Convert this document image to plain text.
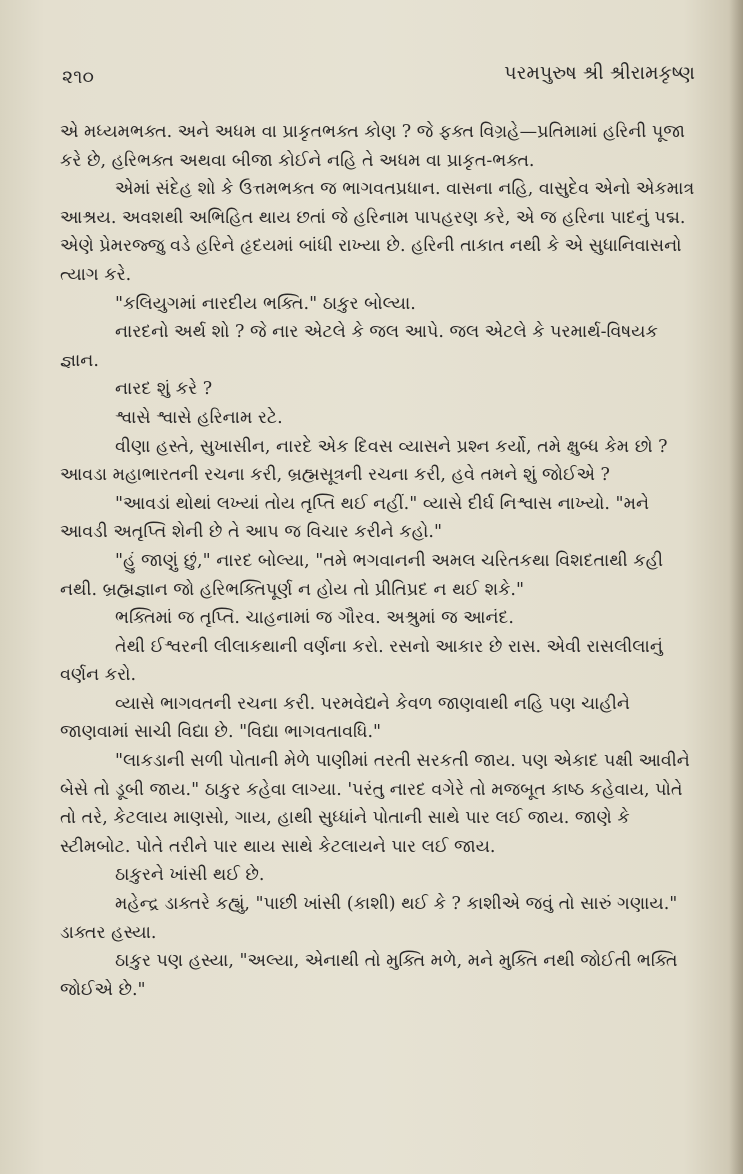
૨૧૦	પરમપુરુષ શ્રી શ્રીરામકૃષ્ણ

એ મધ્યમભક્ત. અને અધમ વા પ્રાકૃતભક્ત કોણ ? જે ફક્ત વિગ્રહે—પ્રતિમામાં હરિની પૂજા કરે છે, હરિભક્ત અથવા બીજા કોઈને નહિ તે અધમ વા પ્રાકૃત-ભક્ત.

એમાં સંદેહ શો કે ઉત્તમભક્ત જ ભાગવતપ્રધાન. વાસના નહિ, વાસુદેવ એનો એકમાત્ર આશ્રય. અવશથી અભિહિત થાય છતાં જે હરિનામ પાપહરણ કરે, એ જ હરિના પાદનું પદ્મ. એણે પ્રેમરજ્જુ વડે હરિને હૃદયમાં બાંધી રાખ્યા છે. હરિની તાકાત નથી કે એ સુધાનિવાસનો ત્યાગ કરે.

"કલિયુગમાં નારદીય ભક્તિ." ઠાકુર બોલ્યા.

નારદનો અર્થ શો ? જે નાર એટલે કે જલ આપે. જલ એટલે કે પરમાર્થ-વિષયક જ્ઞાન.

નારદ શું કરે ?

શ્વાસે શ્વાસે હરિનામ રટે.

વીણા હસ્તે, સુખાસીન, નારદે એક દિવસ વ્યાસને પ્રશ્ન કર્યો, તમે ક્ષુબ્ધ કેમ છો ? આવડા મહાભારતની રચના કરી, બ્રહ્મસૂત્રની રચના કરી, હવે તમને શું જોઈએ ?

"આવડાં થોથાં લખ્યાં તોય તૃપ્તિ થઈ નહીં." વ્યાસે દીર્ઘ નિશ્વાસ નાખ્યો. "મને આવડી અતૃપ્તિ શેની છે તે આપ જ વિચાર કરીને કહો."

"હું જાણું છું," નારદ બોલ્યા, "તમે ભગવાનની અમલ ચરિતકથા વિશદતાથી કહી નથી. બ્રહ્મજ્ઞાન જો હરિભક્તિપૂર્ણ ન હોય તો પ્રીતિપ્રદ ન થઈ શકે."

ભક્તિમાં જ તૃપ્તિ. ચાહનામાં જ ગૌરવ. અશ્રુમાં જ આનંદ.

તેથી ઈશ્વરની લીલાકથાની વર્ણના કરો. રસનો આકાર છે રાસ. એવી રાસલીલાનું વર્ણન કરો.

વ્યાસે ભાગવતની રચના કરી. પરમવેદ્યને કેવળ જાણવાથી નહિ પણ ચાહીને જાણવામાં સાચી વિદ્યા છે. "વિદ્યા ભાગવતાવધિ."

"લાકડાની સળી પોતાની મેળે પાણીમાં તરતી સરકતી જાય. પણ એકાદ પક્ષી આવીને બેસે તો ડૂબી જાય." ઠાકુર કહેવા લાગ્યા. 'પરંતુ નારદ વગેરે તો મજબૂત કાષ્ઠ કહેવાય, પોતે તો તરે, કેટલાય માણસો, ગાય, હાથી સુધ્ધાંને પોતાની સાથે પાર લઈ જાય. જાણે કે સ્ટીમબોટ. પોતે તરીને પાર થાય સાથે કેટલાયને પાર લઈ જાય.

ઠાકુરને ખાંસી થઈ છે.

મહેન્દ્ર ડાક્તરે કહ્યું, "પાછી ખાંસી (કાશી) થઈ કે ? કાશીએ જવું તો સારું ગણાય." ડાક્તર હસ્યા.

ઠાકુર પણ હસ્યા, "અલ્યા, એનાથી તો મુક્તિ મળે, મને મુક્તિ નથી જોઈતી ભક્તિ જોઈએ છે."
